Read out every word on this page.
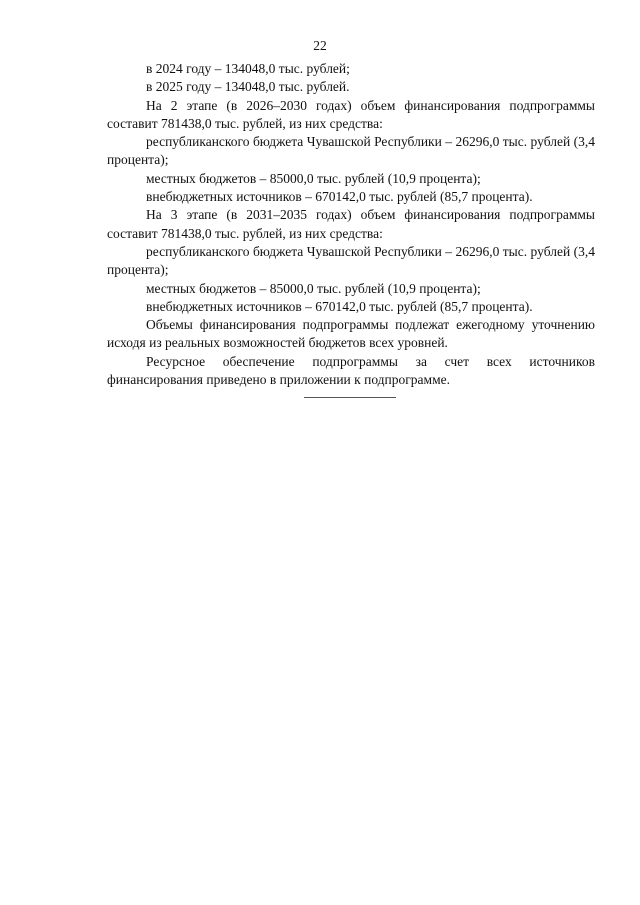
22

в 2024 году – 134048,0 тыс. рублей;

в 2025 году – 134048,0 тыс. рублей.

На 2 этапе (в 2026–2030 годах) объем финансирования подпрограммы составит 781438,0 тыс. рублей, из них средства:

республиканского бюджета Чувашской Республики – 26296,0 тыс. рублей (3,4 процента);

местных бюджетов – 85000,0 тыс. рублей (10,9 процента);

внебюджетных источников – 670142,0 тыс. рублей (85,7 процента).

На 3 этапе (в 2031–2035 годах) объем финансирования подпрограммы составит 781438,0 тыс. рублей, из них средства:

республиканского бюджета Чувашской Республики – 26296,0 тыс. рублей (3,4 процента);

местных бюджетов – 85000,0 тыс. рублей (10,9 процента);

внебюджетных источников – 670142,0 тыс. рублей (85,7 процента).

Объемы финансирования подпрограммы подлежат ежегодному уточнению исходя из реальных возможностей бюджетов всех уровней.

Ресурсное обеспечение подпрограммы за счет всех источников финансирования приведено в приложении к подпрограмме.
